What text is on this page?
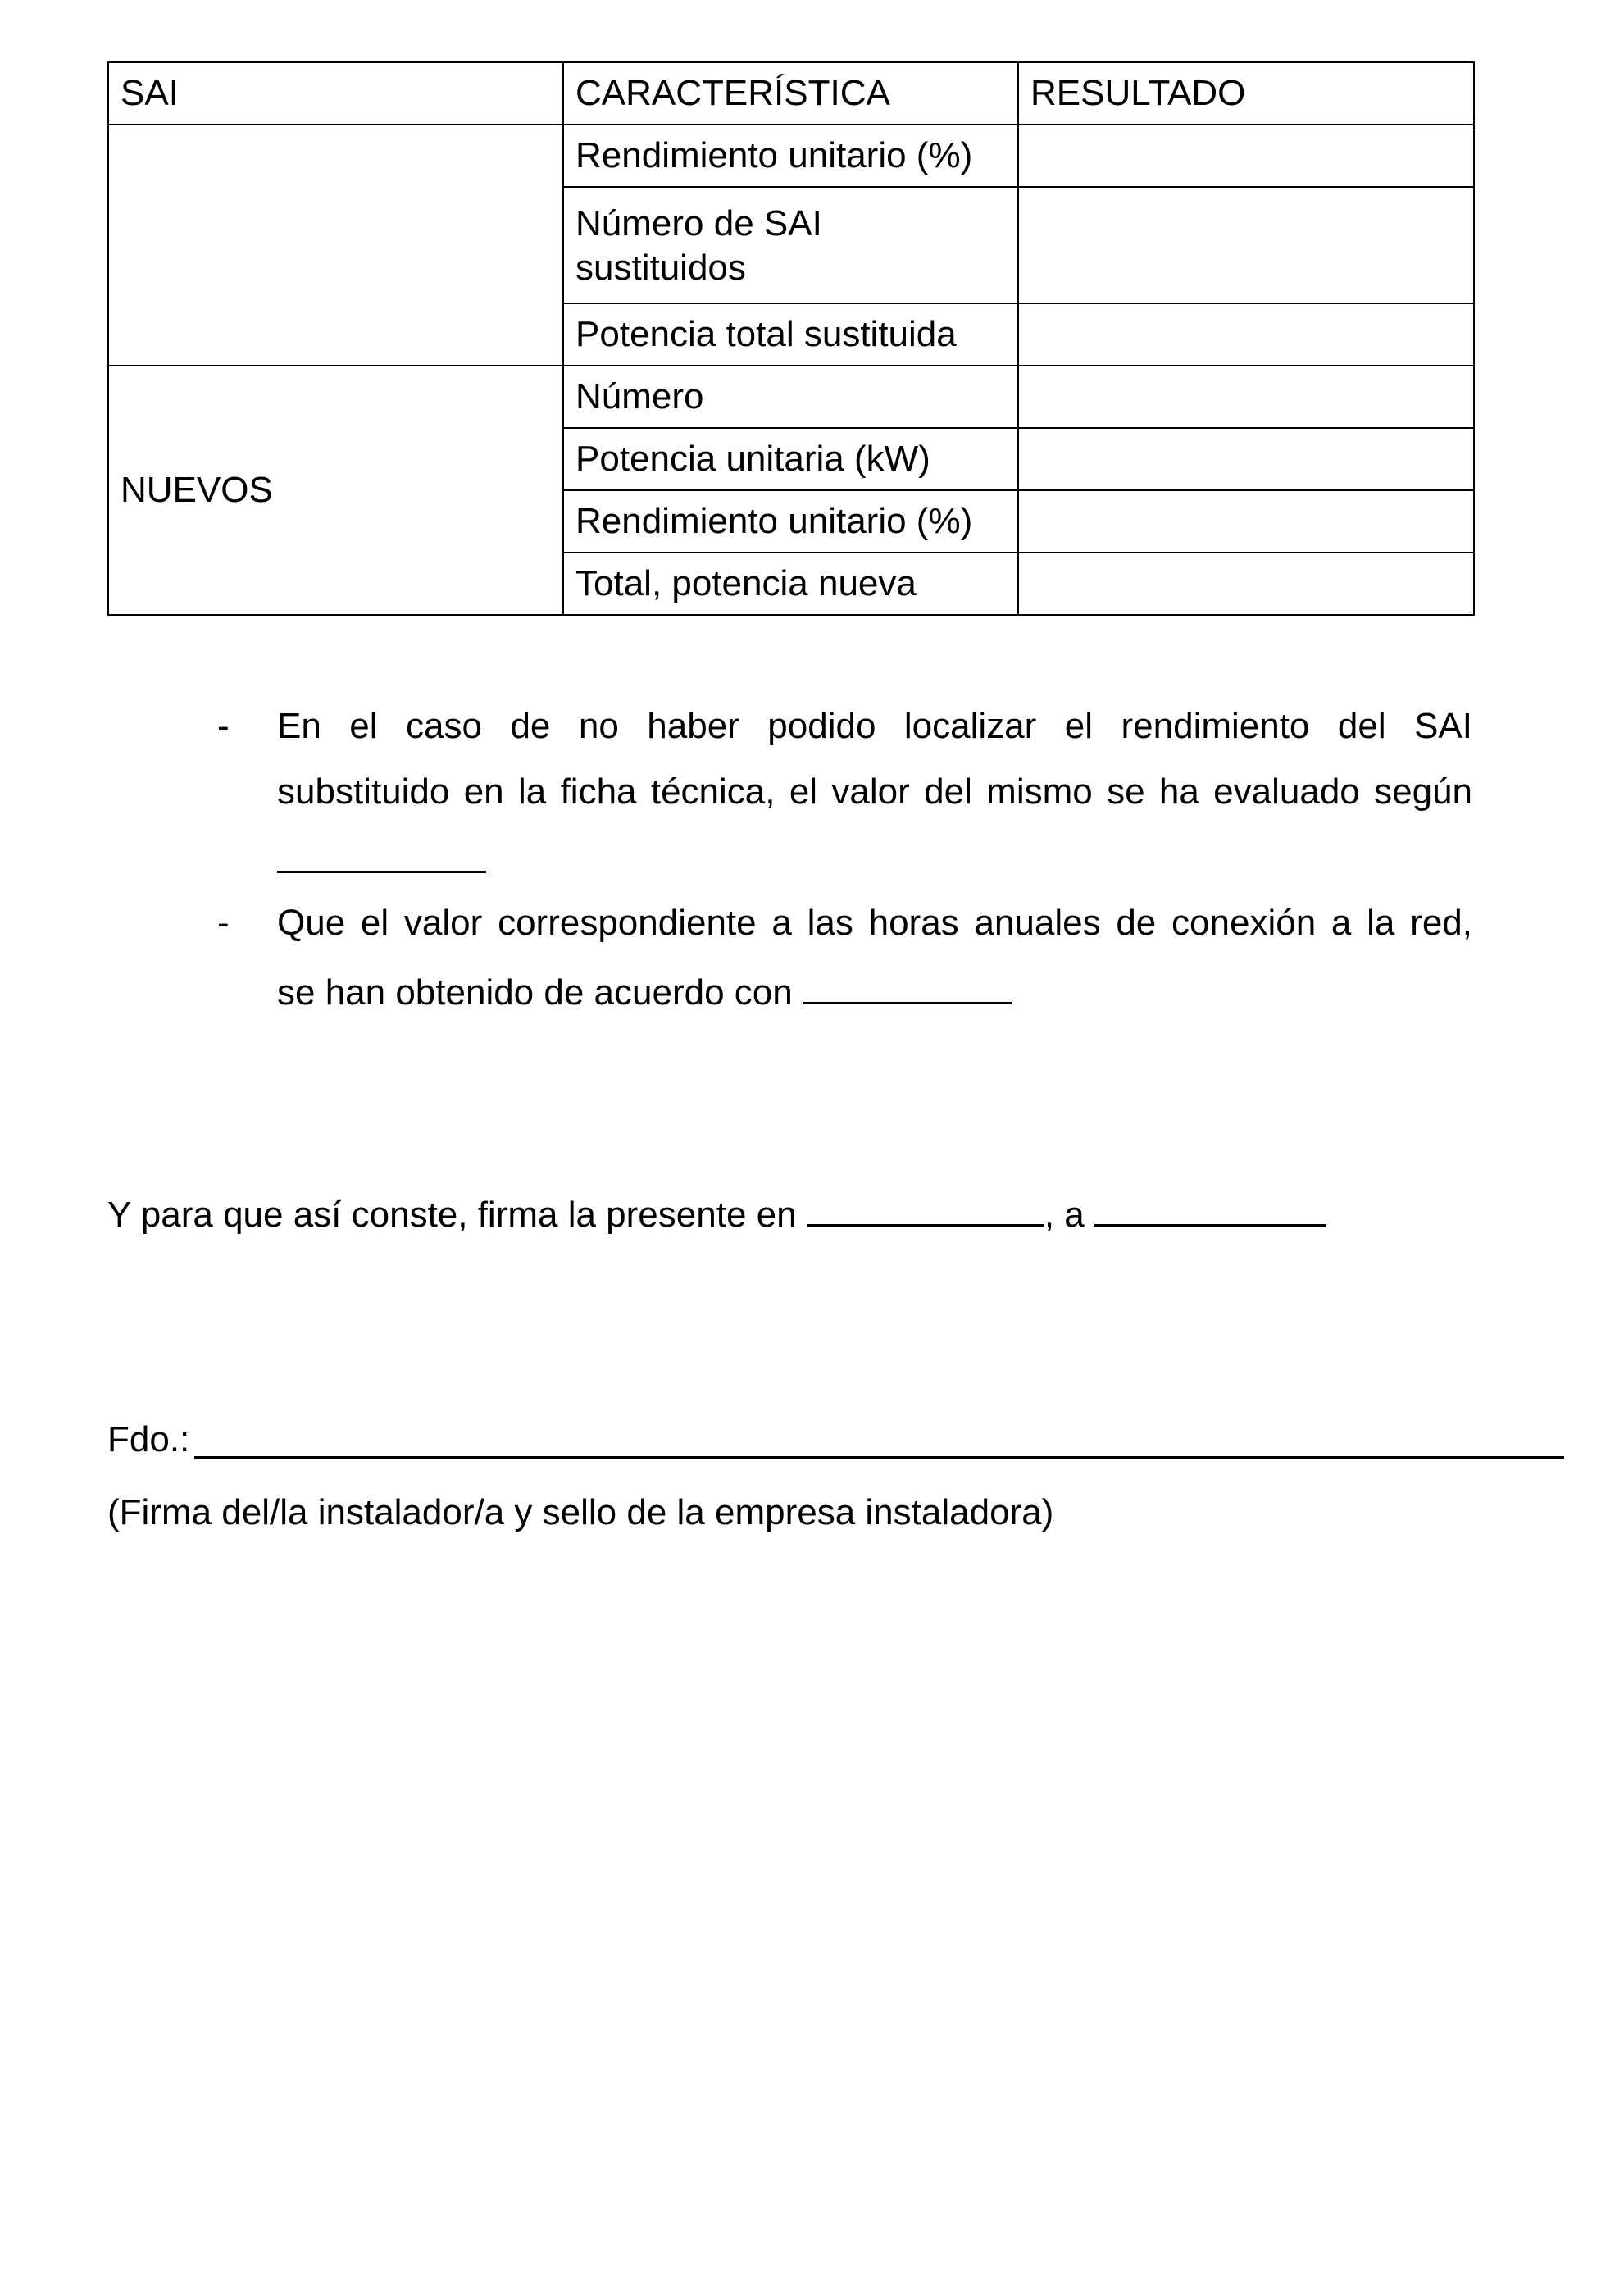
SAI	CARACTERÍSTICA	RESULTADO
	Rendimiento unitario (%)	

	Número de SAI
sustituidos	

	Potencia total sustituida	
NUEVOS	Número	
	Potencia unitaria (kW)	
	Rendimiento unitario (%)	
	Total, potencia nueva	
- En el caso de no haber podido localizar el rendimiento del SAI
substituido en la ficha técnica, el valor del mismo se ha evaluado según
- Que el valor correspondiente a las horas anuales de conexión a la red,
se han obtenido de acuerdo con
Y para que así conste, firma la presente en	, a
Fdo.:
(Firma del/la instalador/a y sello de la empresa instaladora)
